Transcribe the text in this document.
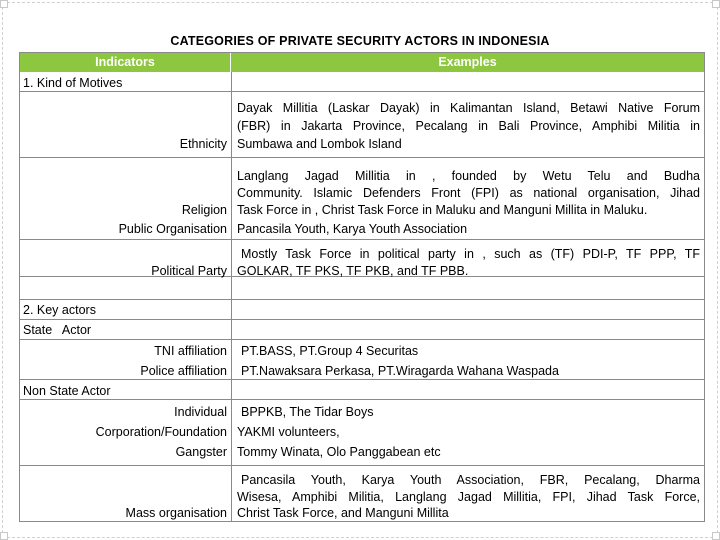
CATEGORIES OF PRIVATE SECURITY ACTORS IN INDONESIA
Indicators	Examples
1. Kind of Motives
Ethnicity
Dayak Millitia (Laskar Dayak) in Kalimantan Island, Betawi Native Forum
(FBR) in Jakarta Province, Pecalang in Bali Province, Amphibi Militia in
Sumbawa and Lombok Island
Religion
Langlang Jagad Millitia in , founded by Wetu Telu and Budha
Community. Islamic Defenders Front (FPI) as national organisation, Jihad
Task Force in , Christ Task Force in Maluku and Manguni Millita in Maluku.
Public Organisation Pancasila Youth, Karya Youth Association
Political Party
Mostly Task Force in political party in , such as (TF) PDI-P, TF PPP, TF
GOLKAR, TF PKS, TF PKB, and TF PBB.
2. Key actors
State   Actor
TNI affiliation PT.BASS, PT.Group 4 Securitas
Police affiliation PT.Nawaksara Perkasa, PT.Wiragarda Wahana Waspada
Non State Actor
Individual BPPKB, The Tidar Boys
Corporation/Foundation YAKMI volunteers,
Gangster Tommy Winata, Olo Panggabean etc
Mass organisation
Pancasila Youth, Karya Youth Association, FBR, Pecalang, Dharma
Wisesa, Amphibi Militia, Langlang Jagad Millitia, FPI, Jihad Task Force,
Christ Task Force, and Manguni Millita
